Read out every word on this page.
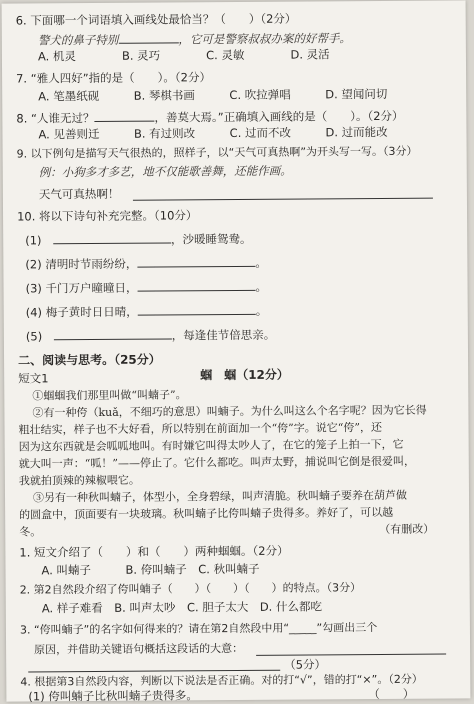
6. 下面哪一个词语填入画线处最恰当？（　　）（2分）
警犬的鼻子特别	，它可是警察叔叔办案的好帮手。
A. 机灵　　　　B. 灵巧　　　　C. 灵敏　　　　D. 灵活
7. “雅人四好”指的是（　　）。（2分）
A. 笔墨纸砚　　　B. 琴棋书画　　　C. 吹拉弹唱　　　D. 望闻问切
8. “人谁无过？	，善莫大焉。”正确填入画线的是（　　）。（2分）
A. 见善则迁　　　B. 有过则改　　　C. 过而不改　　　D. 过而能改
9. 以下例句是描写天气很热的，照样子，以“天气可真热啊”为开头写一写。（3分）
例：小狗多才多艺，地不仅能歌善舞，还能作画。
天气可真热啊！
10. 将以下诗句补充完整。（10分）
(1)　	，沙暖睡鸳鸯。
(2) 清明时节雨纷纷，	。
(3) 千门万户曈曈日，	。
(4) 梅子黄时日日晴，	。
(5)　	，每逢佳节倍思亲。
二、阅读与思考。（25分）
短文1	蝈　蝈（12分）
①蝈蝈我们那里叫做“叫蝻子”。
②有一种侉（kuǎ，不细巧的意思）叫蝻子。为什么叫这么个名字呢？因为它长得
粗壮结实，样子也不大好看，所以特别在前面加一个“侉”字。说它“侉”，还
因为这东西就是会呱呱地叫。有时嫌它叫得太吵人了，在它的笼子上拍一下，它
就大叫一声：“呱！”——停止了。它什么都吃。叫声太野，捕说叫它倒是很爱叫，
我就拍顶辣的辣椒喂它。
③另有一种秋叫蝻子，体型小，全身碧绿，叫声清脆。秋叫蝻子要养在葫芦做
的圆盒中，顶面要有一块玻璃。秋叫蝻子比侉叫蝻子贵得多。养好了，可以越
冬。	（有删改）
1. 短文介绍了（　　）和（　　）两种蝈蝈。（2分）
A. 叫蝻子　　　B. 侉叫蝻子　C. 秋叫蝻子
2. 第2自然段介绍了侉叫蝻子（　　）（　　）（　　）的特点。（3分）
A. 样子难看　B. 叫声太吵　C. 胆子太大　D. 什么都吃
3. “侉叫蝻子”的名字如何得来的？请在第2自然段中用“_____”勾画出三个
原因，并借助关键语句概括这段话的大意：
（5分）
4. 根据第3自然段内容，判断以下说法是否正确。对的打“√”，错的打“×”。（2分）
(1) 侉叫蝻子比秋叫蝻子贵得多。	（　　）
